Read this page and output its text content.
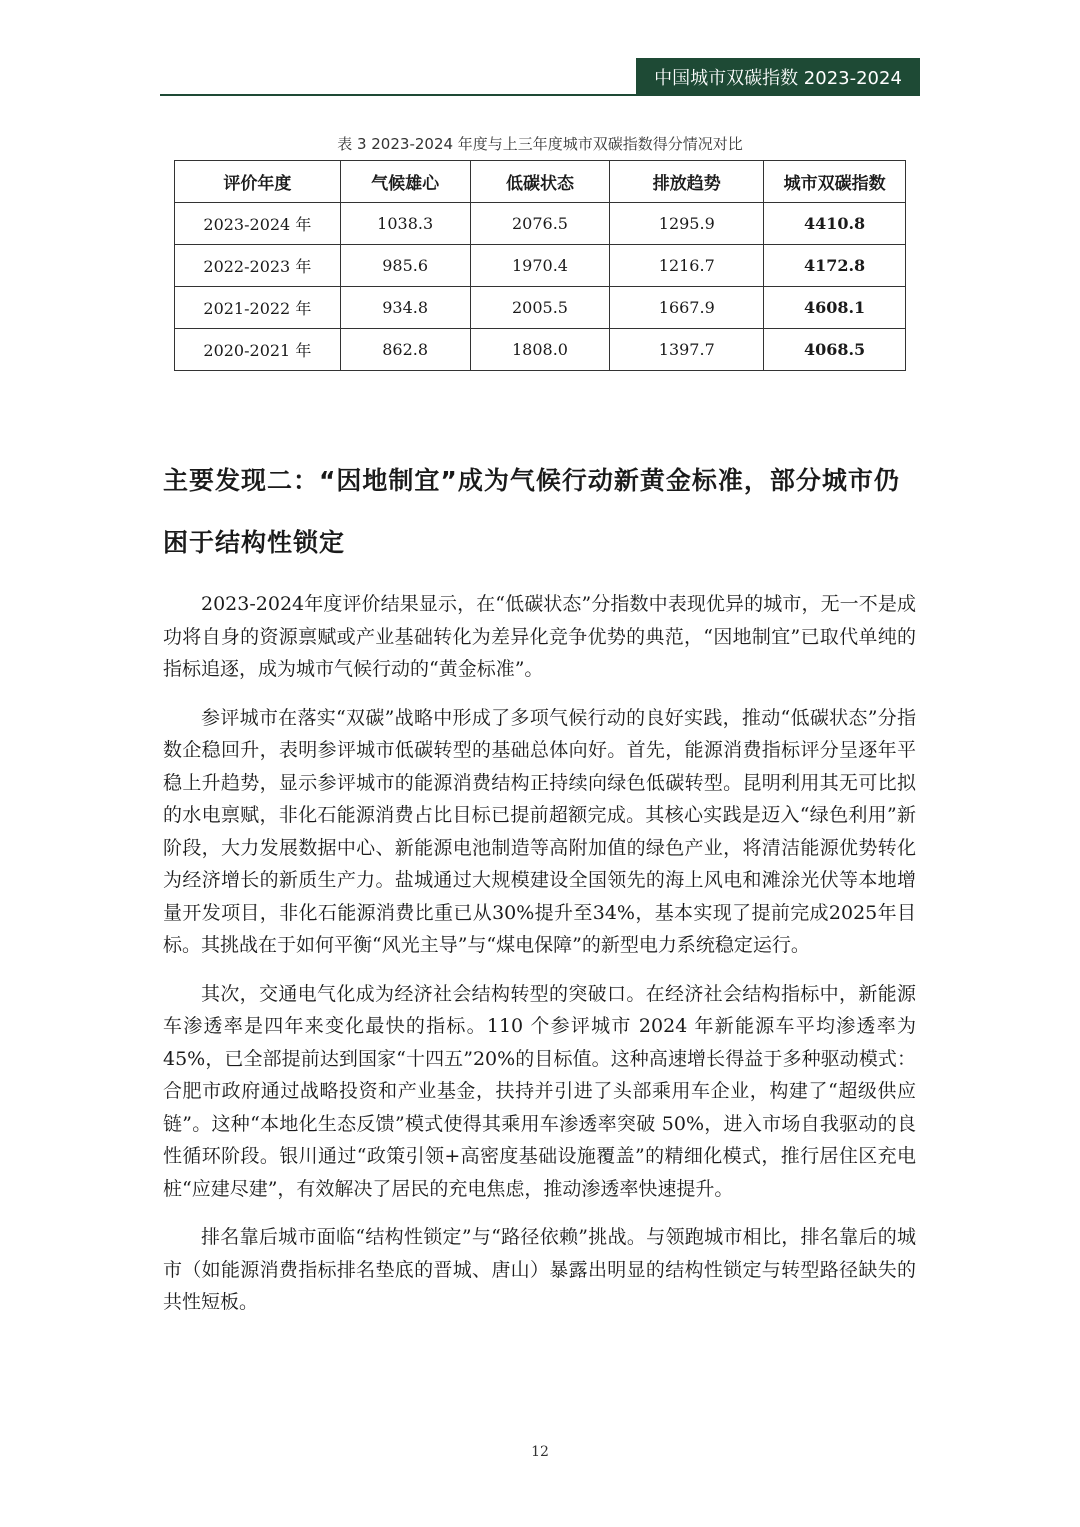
中国城市双碳指数 2023-2024
表 3 2023-2024 年度与上三年度城市双碳指数得分情况对比
评价年度	气候雄心	低碳状态	排放趋势	城市双碳指数
2023-2024 年	1038.3	2076.5	1295.9	4410.8
2022-2023 年	985.6	1970.4	1216.7	4172.8
2021-2022 年	934.8	2005.5	1667.9	4608.1
2020-2021 年	862.8	1808.0	1397.7	4068.5
主要发现二：“因地制宜”成为气候行动新黄金标准，部分城市仍困于结构性锁定

2023-2024年度评价结果显示，在“低碳状态”分指数中表现优异的城市，无一不是成功将自身的资源禀赋或产业基础转化为差异化竞争优势的典范，“因地制宜”已取代单纯的指标追逐，成为城市气候行动的“黄金标准”。

参评城市在落实“双碳”战略中形成了多项气候行动的良好实践，推动“低碳状态”分指数企稳回升，表明参评城市低碳转型的基础总体向好。首先，能源消费指标评分呈逐年平稳上升趋势，显示参评城市的能源消费结构正持续向绿色低碳转型。昆明利用其无可比拟的水电禀赋，非化石能源消费占比目标已提前超额完成。其核心实践是迈入“绿色利用”新阶段，大力发展数据中心、新能源电池制造等高附加值的绿色产业，将清洁能源优势转化为经济增长的新质生产力。盐城通过大规模建设全国领先的海上风电和滩涂光伏等本地增量开发项目，非化石能源消费比重已从30%提升至34%，基本实现了提前完成2025年目标。其挑战在于如何平衡“风光主导”与“煤电保障”的新型电力系统稳定运行。

其次，交通电气化成为经济社会结构转型的突破口。在经济社会结构指标中，新能源车渗透率是四年来变化最快的指标。110 个参评城市 2024 年新能源车平均渗透率为 45%，已全部提前达到国家“十四五”20%的目标值。这种高速增长得益于多种驱动模式：合肥市政府通过战略投资和产业基金，扶持并引进了头部乘用车企业，构建了“超级供应链”。这种“本地化生态反馈”模式使得其乘用车渗透率突破 50%，进入市场自我驱动的良性循环阶段。银川通过“政策引领+高密度基础设施覆盖”的精细化模式，推行居住区充电桩“应建尽建”，有效解决了居民的充电焦虑，推动渗透率快速提升。

排名靠后城市面临“结构性锁定”与“路径依赖”挑战。与领跑城市相比，排名靠后的城市（如能源消费指标排名垫底的晋城、唐山）暴露出明显的结构性锁定与转型路径缺失的共性短板。

12
